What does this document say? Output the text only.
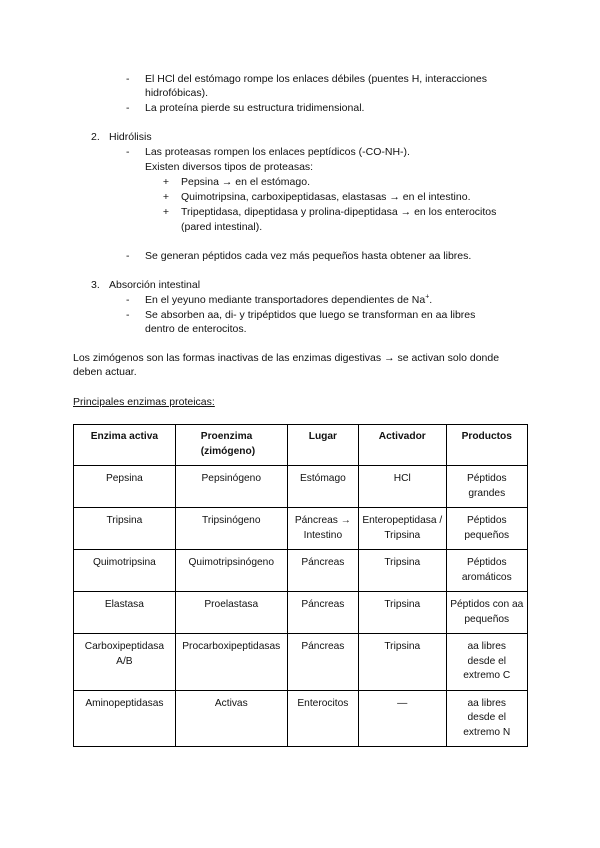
-	El HCl del estómago rompe los enlaces débiles (puentes H, interacciones
hidrofóbicas).
-	La proteína pierde su estructura tridimensional.
2. Hidrólisis
-	Las proteasas rompen los enlaces peptídicos (-CO-NH-).
Existen diversos tipos de proteasas:
+ Pepsina → en el estómago.
+ Quimotripsina, carboxipeptidasas, elastasas → en el intestino.
+ Tripeptidasa, dipeptidasa y prolina-dipeptidasa → en los enterocitos
(pared intestinal).
-	Se generan péptidos cada vez más pequeños hasta obtener aa libres.
3. Absorción intestinal
-	En el yeyuno mediante transportadores dependientes de Na+.
-	Se absorben aa, di- y tripéptidos que luego se transforman en aa libres
dentro de enterocitos.
Los zimógenos son las formas inactivas de las enzimas digestivas → se activan solo donde
deben actuar.
Principales enzimas proteicas:
Enzima activa	Proenzima (zimógeno)	Lugar	Activador	Productos
Pepsina	Pepsinógeno	Estómago	HCl	Péptidos grandes
Tripsina	Tripsinógeno	Páncreas → Intestino	Enteropeptidasa / Tripsina	Péptidos pequeños
Quimotripsina	Quimotripsinógeno	Páncreas	Tripsina	Péptidos aromáticos
Elastasa	Proelastasa	Páncreas	Tripsina	Péptidos con aa pequeños
Carboxipeptidasa A/B	Procarboxipeptidasas	Páncreas	Tripsina	aa libres desde el extremo C
Aminopeptidasas	Activas	Enterocitos	—	aa libres desde el extremo N
